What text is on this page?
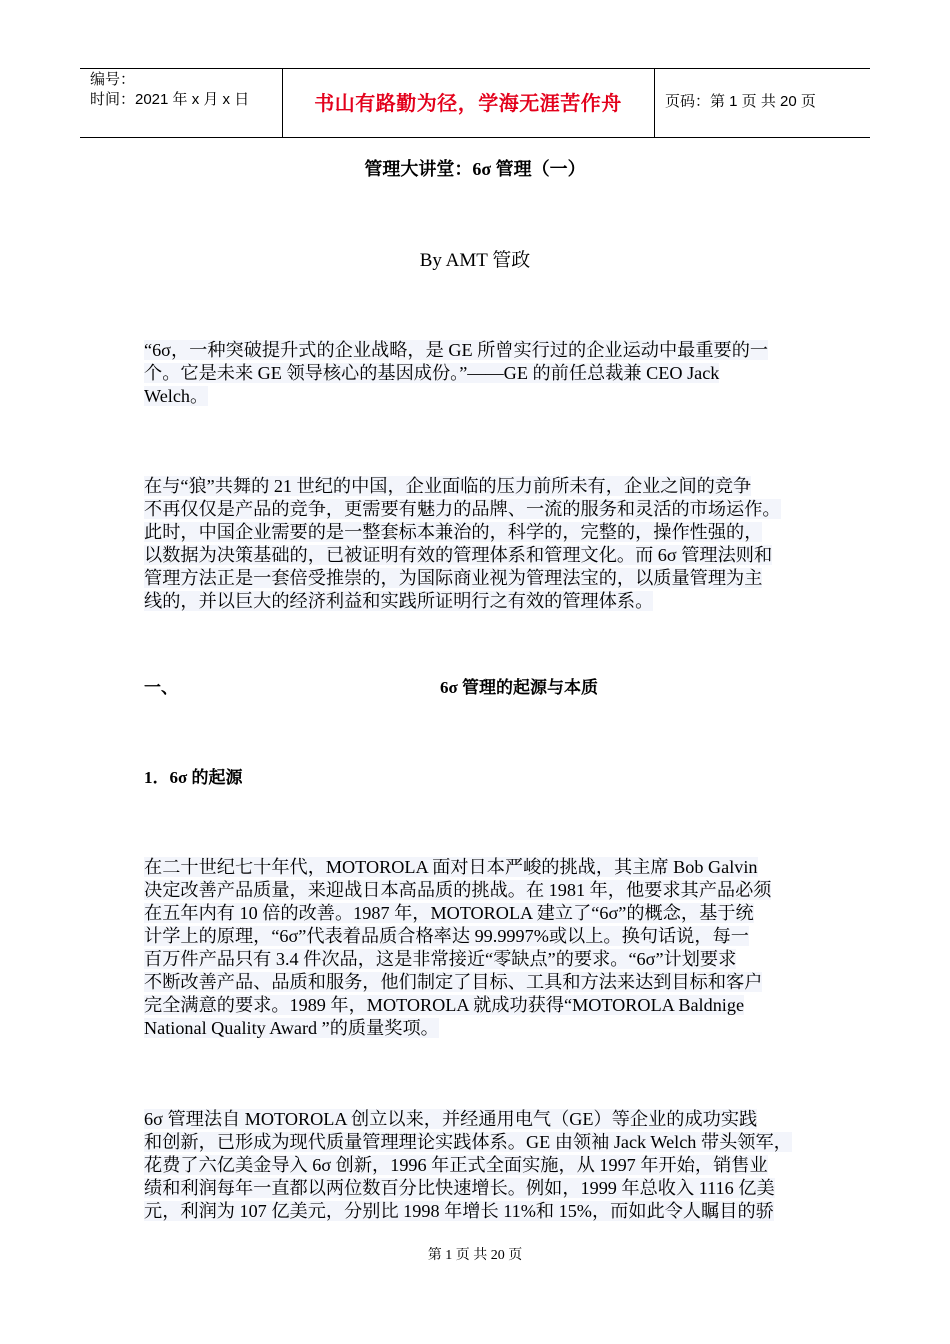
编号：
时间：2021 年 x 月 x 日	书山有路勤为径，学海无涯苦作舟	页码：第 1 页 共 20 页
管理大讲堂：6σ 管理（一）
By AMT 管政
“6σ，一种突破提升式的企业战略，是 GE 所曾实行过的企业运动中最重要的一
个。它是未来 GE 领导核心的基因成份。”——GE 的前任总裁兼 CEO Jack
Welch。
在与“狼”共舞的 21 世纪的中国，企业面临的压力前所未有，企业之间的竞争
不再仅仅是产品的竞争，更需要有魅力的品牌、一流的服务和灵活的市场运作。
此时，中国企业需要的是一整套标本兼治的，科学的，完整的，操作性强的，
以数据为决策基础的，已被证明有效的管理体系和管理文化。而 6σ 管理法则和
管理方法正是一套倍受推崇的，为国际商业视为管理法宝的，以质量管理为主
线的，并以巨大的经济利益和实践所证明行之有效的管理体系。
一、	6σ 管理的起源与本质
1．6σ 的起源
在二十世纪七十年代，MOTOROLA 面对日本严峻的挑战，其主席 Bob Galvin
决定改善产品质量，来迎战日本高品质的挑战。在 1981 年，他要求其产品必须
在五年内有 10 倍的改善。1987 年，MOTOROLA 建立了“6σ”的概念，基于统
计学上的原理，“6σ”代表着品质合格率达 99.9997%或以上。换句话说，每一
百万件产品只有 3.4 件次品，这是非常接近“零缺点”的要求。“6σ”计划要求
不断改善产品、品质和服务，他们制定了目标、工具和方法来达到目标和客户
完全满意的要求。1989 年，MOTOROLA 就成功获得“MOTOROLA Baldnige
National Quality Award ”的质量奖项。
6σ 管理法自 MOTOROLA 创立以来，并经通用电气（GE）等企业的成功实践
和创新，已形成为现代质量管理理论实践体系。GE 由领袖 Jack Welch 带头领军，
花费了六亿美金导入 6σ 创新，1996 年正式全面实施，从 1997 年开始，销售业
绩和利润每年一直都以两位数百分比快速增长。例如，1999 年总收入 1116 亿美
元，利润为 107 亿美元，分别比 1998 年增长 11%和 15%，而如此令人瞩目的骄
第 1 页 共 20 页
